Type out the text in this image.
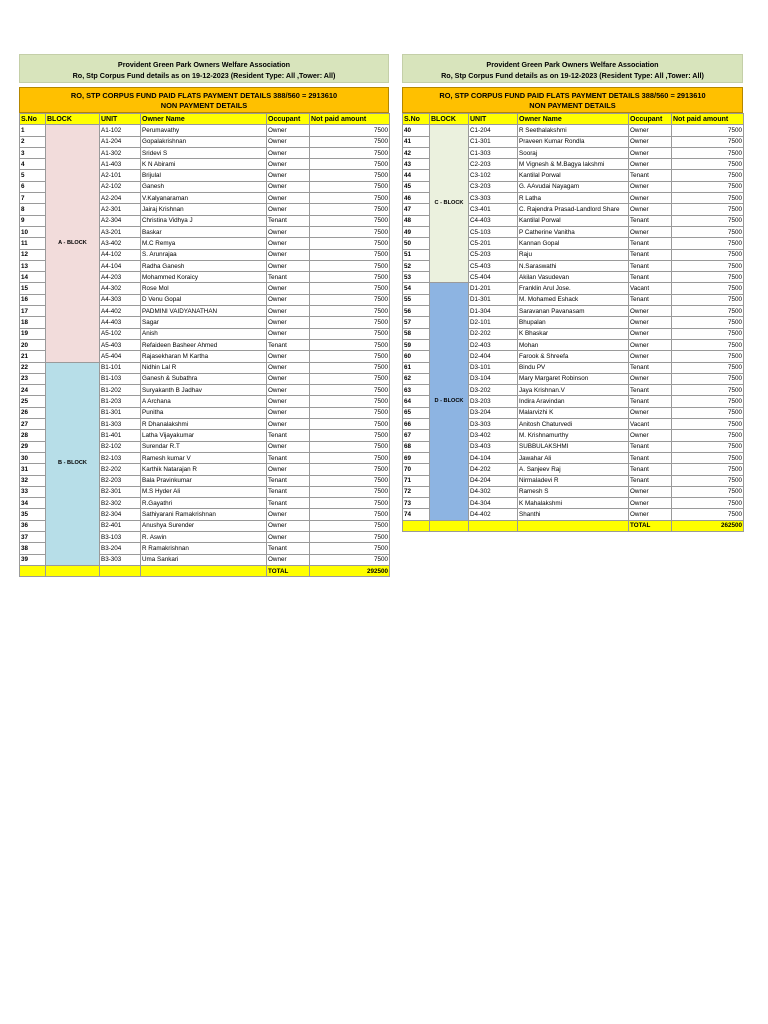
Provident Green Park Owners Welfare Association
Ro, Stp Corpus Fund details as on 19-12-2023 (Resident Type: All ,Tower: All)
RO, STP CORPUS FUND PAID FLATS PAYMENT DETAILS 388/560 = 2913610
NON PAYMENT DETAILS
S.No	BLOCK	UNIT	Owner Name	Occupant	Not paid amount
1	A - BLOCK	A1-102	Perumavathy	Owner	7500
2		A1-204	Gopalakrishnan	Owner	7500
3		A1-302	Sridevi S	Owner	7500
4		A1-403	K N Abirami	Owner	7500
5		A2-101	Brijulal	Owner	7500
6		A2-102	Ganesh	Owner	7500
7		A2-204	V.Kalyanaraman	Owner	7500
8		A2-301	Jairaj Krishnan	Owner	7500
9		A2-304	Christina Vidhya J	Tenant	7500
10		A3-201	Baskar	Owner	7500
11		A3-402	M.C Remya	Owner	7500
12		A4-102	S. Arunrajaa	Owner	7500
13		A4-104	Radha Ganesh	Owner	7500
14		A4-203	Mohammed Koraicy	Tenant	7500
15		A4-302	Rose Mol	Owner	7500
16		A4-303	D Venu Gopal	Owner	7500
17		A4-402	PADMINI VAIDYANATHAN	Owner	7500
18		A4-403	Sagar	Owner	7500
19		A5-102	Anish	Owner	7500
20		A5-403	Refaideen Basheer Ahmed	Tenant	7500
21		A5-404	Rajasekharan M Kartha	Owner	7500
22	B - BLOCK	B1-101	Nidhin Lal R	Owner	7500
23		B1-103	Ganesh & Subathra	Owner	7500
24		B1-202	Suryakanth B Jadhav	Owner	7500
25		B1-203	A Archana	Owner	7500
26		B1-301	Punitha	Owner	7500
27		B1-303	R Dhanalakshmi	Owner	7500
28		B1-401	Latha Vijayakumar	Tenant	7500
29		B2-102	Surendar R.T	Owner	7500
30		B2-103	Ramesh kumar V	Tenant	7500
31		B2-202	Karthik Natarajan R	Owner	7500
32		B2-203	Bala Pravinkumar	Tenant	7500
33		B2-301	M.S Hyder Ali	Tenant	7500
34		B2-302	R.Gayathri	Tenant	7500
35		B2-304	Sathiyarani Ramakrishnan	Owner	7500
36		B2-401	Anushya Surender	Owner	7500
37		B3-103	R. Aswin	Owner	7500
38		B3-204	R Ramakrishnan	Tenant	7500
39		B3-303	Uma Sankari	Owner	7500
				TOTAL	292500
Provident Green Park Owners Welfare Association
Ro, Stp Corpus Fund details as on 19-12-2023 (Resident Type: All ,Tower: All)
RO, STP CORPUS FUND PAID FLATS PAYMENT DETAILS 388/560 = 2913610
NON PAYMENT DETAILS
S.No	BLOCK	UNIT	Owner Name	Occupant	Not paid amount
40	C - BLOCK	C1-204	R Seethalakshmi	Owner	7500
41		C1-301	Praveen Kumar Rondla	Owner	7500
42		C1-303	Sooraj	Owner	7500
43		C2-203	M Vignesh & M.Bagya lakshmi	Owner	7500
44		C3-102	Kantilal Porwal	Tenant	7500
45		C3-203	G. AAvudai Nayagam	Owner	7500
46		C3-303	R Latha	Owner	7500
47		C3-401	C. Rajendra Prasad-Landlord Share	Owner	7500
48		C4-403	Kantilal Porwal	Tenant	7500
49		C5-103	P Catherine Vanitha	Owner	7500
50		C5-201	Kannan Gopal	Tenant	7500
51		C5-203	Raju	Tenant	7500
52		C5-403	N.Saraswathi	Tenant	7500
53		C5-404	Akilan Vasudevan	Tenant	7500
54	D - BLOCK	D1-201	Franklin Arul Jose.	Vacant	7500
55		D1-301	M. Mohamed Eshack	Tenant	7500
56		D1-304	Saravanan Pavanasam	Owner	7500
57		D2-101	Bhupalan	Owner	7500
58		D2-202	K Bhaskar	Owner	7500
59		D2-403	Mohan	Owner	7500
60		D2-404	Farook & Shreefa	Owner	7500
61		D3-101	Bindu PV	Tenant	7500
62		D3-104	Mary Margaret Robinson	Owner	7500
63		D3-202	Jaya Krishnan.V	Tenant	7500
64		D3-203	Indira Aravindan	Tenant	7500
65		D3-204	Malarvizhi K	Owner	7500
66		D3-303	Anitosh Chaturvedi	Vacant	7500
67		D3-402	M. Krishnamurthy	Owner	7500
68		D3-403	SUBBULAKSHMI	Tenant	7500
69		D4-104	Jawahar Ali	Tenant	7500
70		D4-202	A. Sanjeev Raj	Tenant	7500
71		D4-204	Nirmaladevi R	Tenant	7500
72		D4-302	Ramesh S	Owner	7500
73		D4-304	K Mahalakshmi	Owner	7500
74		D4-402	Shanthi	Owner	7500
				TOTAL	262500
